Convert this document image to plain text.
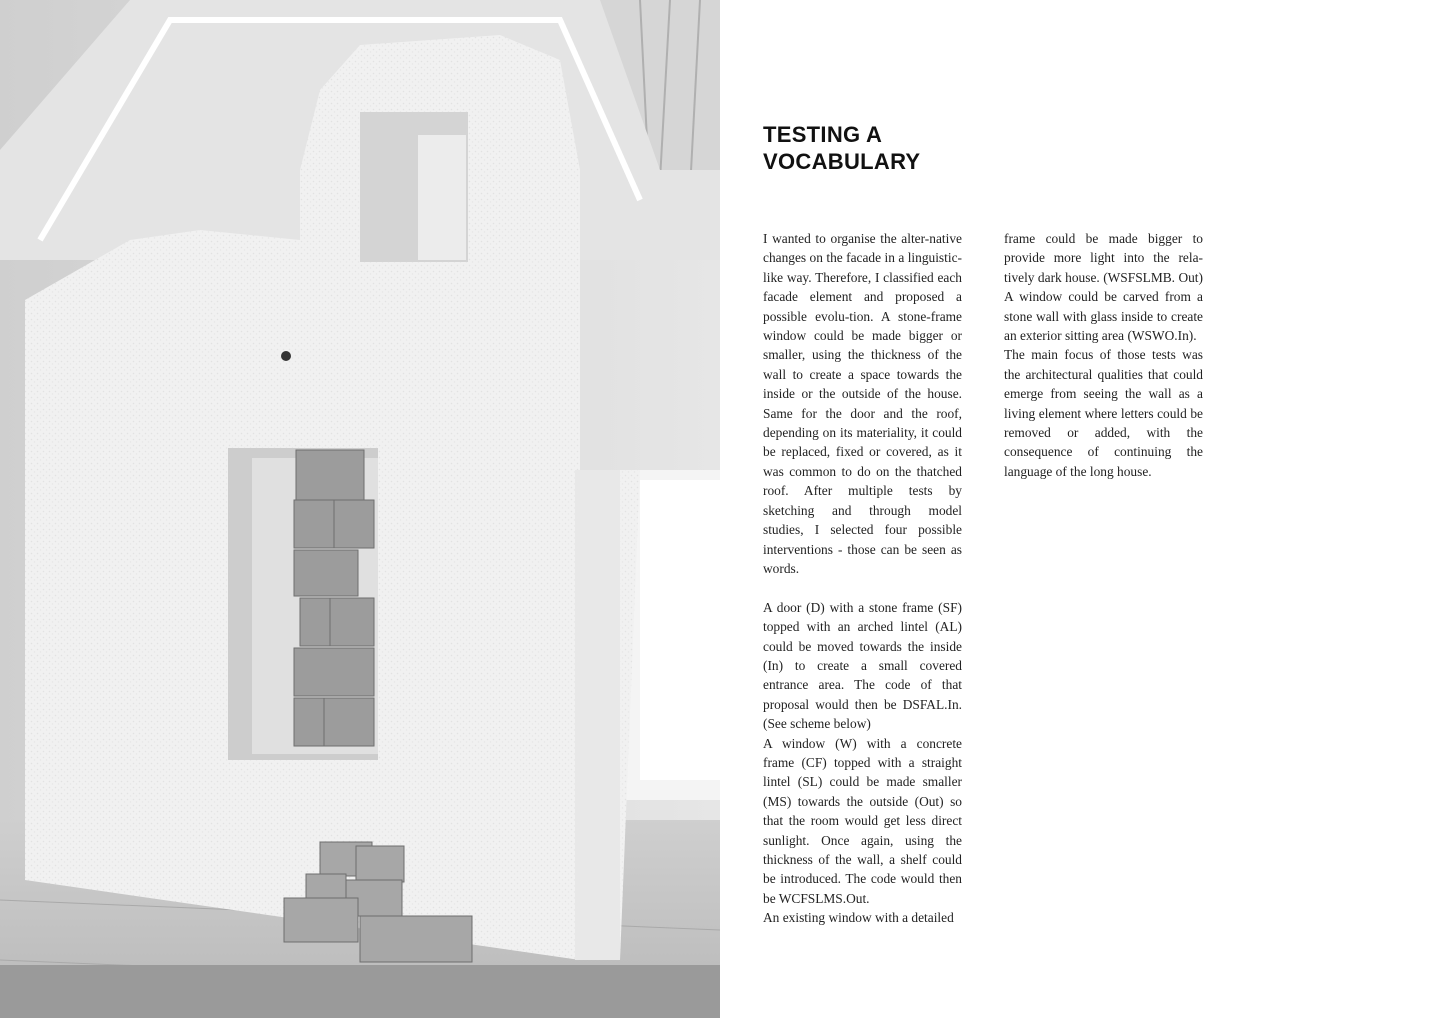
TESTING A
VOCABULARY

I wanted to organise the alter-native changes on the facade in a linguistic-like way. Therefore, I classified each facade element and proposed a possible evolu-tion. A stone-frame window could be made bigger or smaller, using the thickness of the wall to create a space towards the inside or the outside of the house. Same for the door and the roof, depending on its materiality, it could be replaced, fixed or covered, as it was common to do on the thatched roof. After multiple tests by sketching and through model studies, I selected four possible interventions - those can be seen as words.

A door (D) with a stone frame (SF) topped with an arched lintel (AL) could be moved towards the inside (In) to create a small covered entrance area. The code of that proposal would then be DSFAL.In. (See scheme below)

A window (W) with a concrete frame (CF) topped with a straight lintel (SL) could be made smaller (MS) towards the outside (Out) so that the room would get less direct sunlight. Once again, using the thickness of the wall, a shelf could be introduced. The code would then be WCFSLMS.Out.

An existing window with a detailed

frame could be made bigger to provide more light into the rela-tively dark house. (WSFSLMB. Out) A window could be carved from a stone wall with glass inside to create an exterior sitting area (WSWO.In).

The main focus of those tests was the architectural qualities that could emerge from seeing the wall as a living element where letters could be removed or added, with the consequence of continuing the language of the long house.
